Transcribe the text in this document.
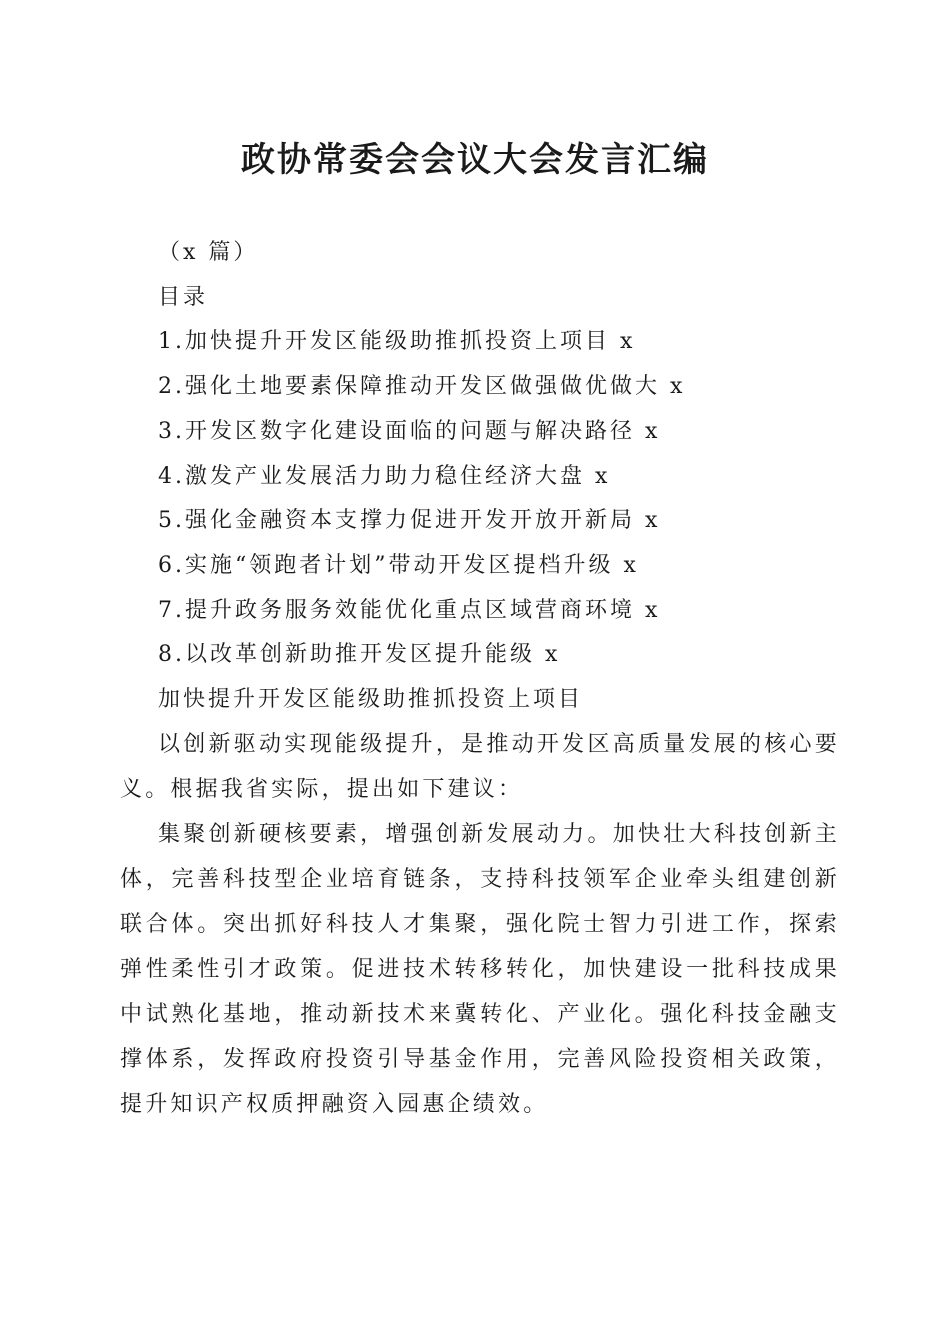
政协常委会会议大会发言汇编
（x 篇）
目录
1.加快提升开发区能级助推抓投资上项目 x
2.强化土地要素保障推动开发区做强做优做大 x
3.开发区数字化建设面临的问题与解决路径 x
4.激发产业发展活力助力稳住经济大盘 x
5.强化金融资本支撑力促进开发开放开新局 x
6.实施“领跑者计划”带动开发区提档升级 x
7.提升政务服务效能优化重点区域营商环境 x
8.以改革创新助推开发区提升能级 x
加快提升开发区能级助推抓投资上项目

以创新驱动实现能级提升，是推动开发区高质量发展的核心要义。根据我省实际，提出如下建议：

集聚创新硬核要素，增强创新发展动力。加快壮大科技创新主体，完善科技型企业培育链条，支持科技领军企业牵头组建创新联合体。突出抓好科技人才集聚，强化院士智力引进工作，探索弹性柔性引才政策。促进技术转移转化，加快建设一批科技成果中试熟化基地，推动新技术来冀转化、产业化。强化科技金融支撑体系，发挥政府投资引导基金作用，完善风险投资相关政策，提升知识产权质押融资入园惠企绩效。
